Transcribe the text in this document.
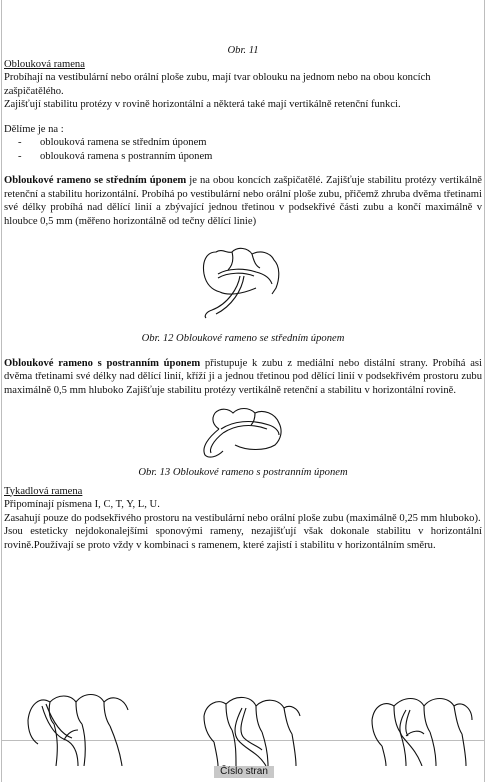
Obr. 11

Oblouková ramena

Probíhají na vestibulární nebo orální ploše zubu, mají tvar oblouku na jednom nebo na obou koncích zašpičatělého.

Zajišťují stabilitu protézy v rovině horizontální a některá také mají vertikálně retenční funkci.

Dělíme je na :

-	oblouková ramena se středním úponem
-	oblouková ramena s postranním úponem

Obloukové rameno se středním úponem je na obou koncích zašpičatělé. Zajišťuje stabilitu protézy vertikálně retenční a stabilitu horizontální. Probíhá po vestibulární nebo orální ploše zubu, přičemž zhruba dvěma třetinami své délky probíhá nad dělící linií a zbývající jednou třetinou v podsekřivé části zubu a končí maximálně v hloubce 0,5 mm (měřeno horizontálně od tečny dělící linie)

Obr. 12 Obloukové rameno se středním úponem

Obloukové rameno s postranním úponem přistupuje k zubu z mediální nebo distální strany. Probíhá asi dvěma třetinami své délky nad dělící linií, kříží ji a jednou třetinou pod dělící linií v podsekřivém prostoru zubu maximálně 0,5 mm hluboko Zajišťuje stabilitu protézy vertikálně retenční a stabilitu v horizontální rovině.

Obr. 13 Obloukové rameno s postranním úponem

Tykadlová ramena

Připomínají písmena I, C, T, Y, L, U.

Zasahují pouze do podsekřivého prostoru na vestibulární nebo orální ploše zubu (maximálně 0,25 mm hluboko).

Jsou esteticky nejdokonalejšími sponovými rameny, nezajišťují však dokonale stabilitu v horizontální rovině.Používají se proto vždy v kombinaci s ramenem, které zajistí i stabilitu v horizontálním směru.

Číslo stran
